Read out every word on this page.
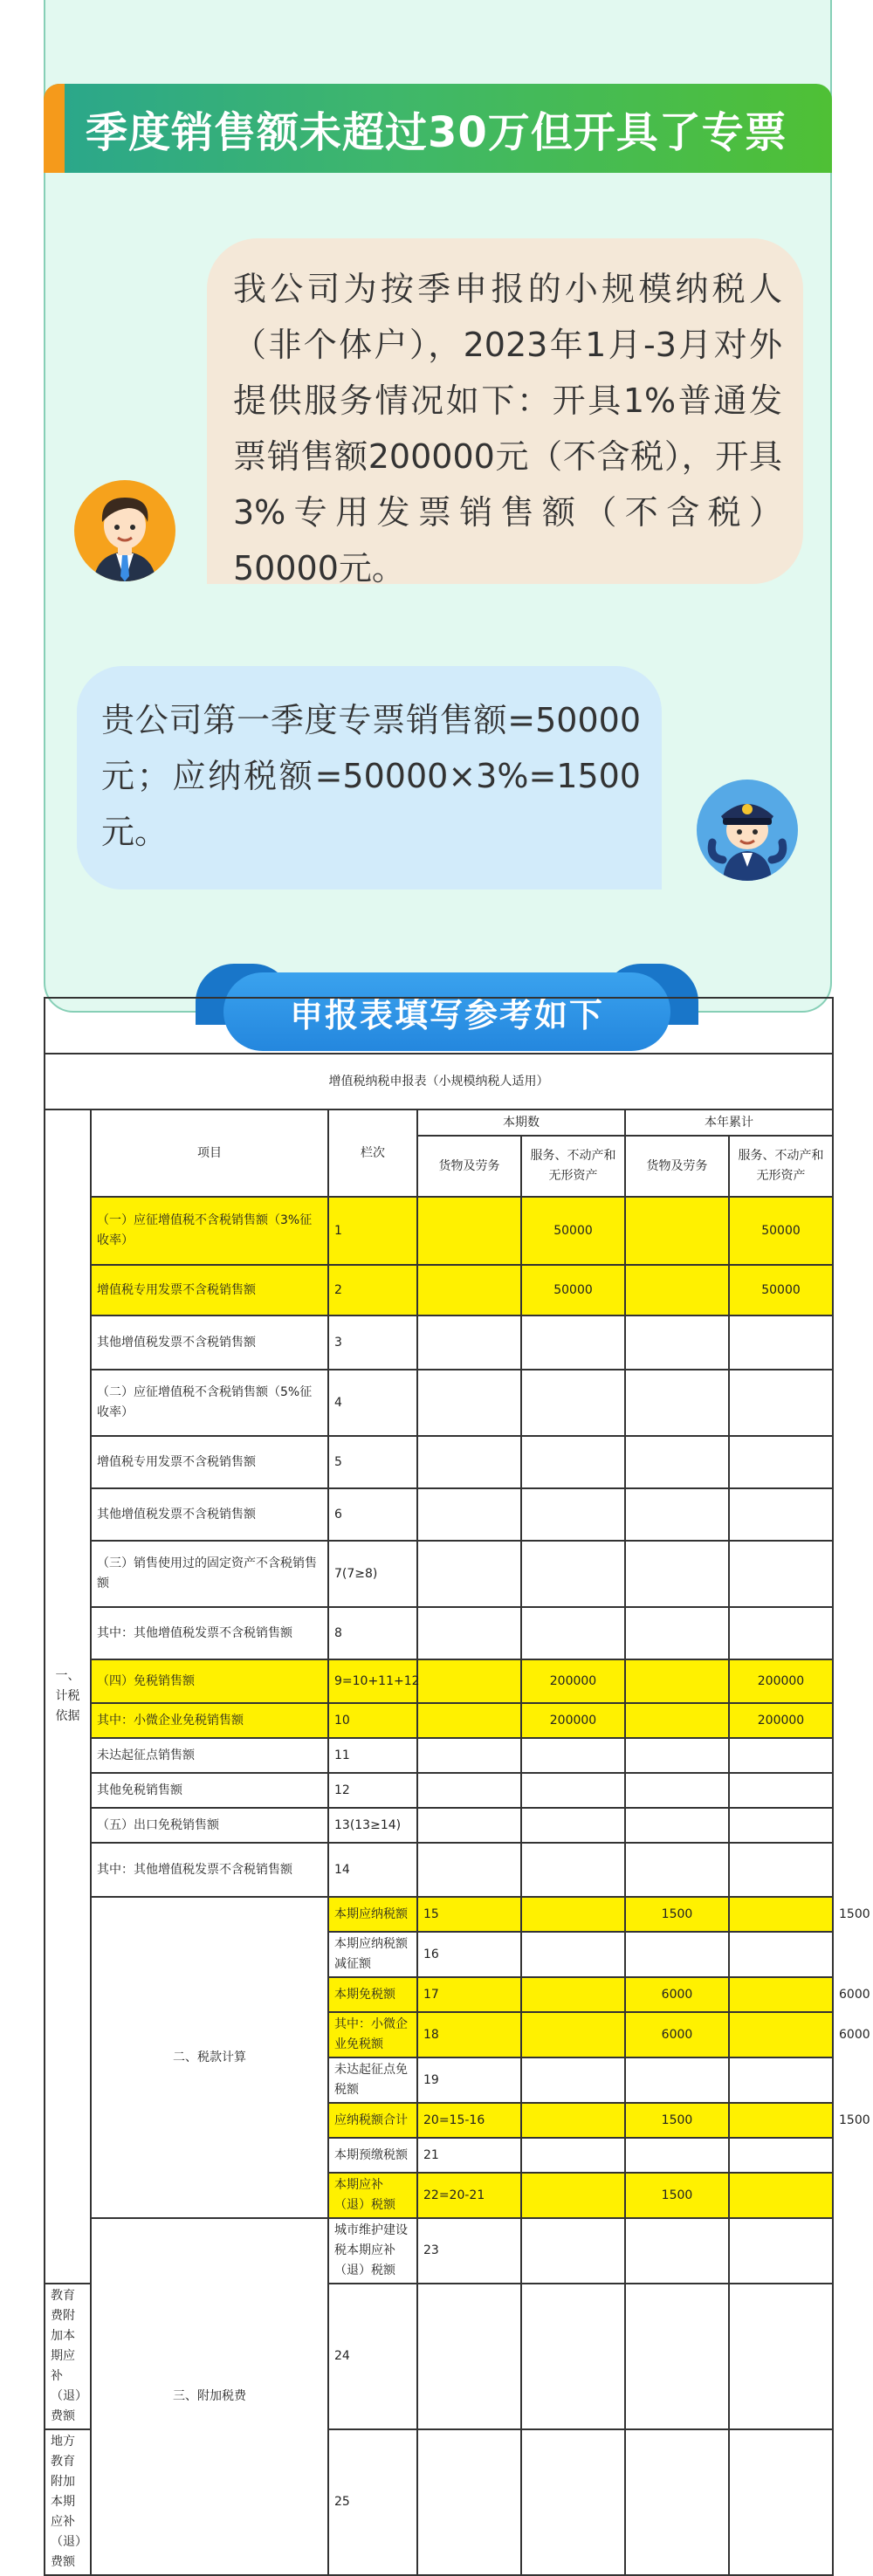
季度销售额未超过30万但开具了专票
我公司为按季申报的小规模纳税人（非个体户），2023年1月-3月对外提供服务情况如下：开具1%普通发票销售额200000元（不含税），开具3%专用发票销售额（不含税）50000元。
贵公司第一季度专票销售额=50000元；应纳税额=50000×3%=1500元。
申报表填写参考如下

增值税纳税申报表（小规模纳税人适用）							
一、计税依据	项目	栏次	本期数		本年累计		
			货物及劳务	服务、不动产和无形资产	货物及劳务	服务、不动产和无形资产	
	（一）应征增值税不含税销售额（3%征收率）	1		50000		50000	
	增值税专用发票不含税销售额	2		50000		50000	
	其他增值税发票不含税销售额	3					
	（二）应征增值税不含税销售额（5%征收率）	4					
	增值税专用发票不含税销售额	5					
	其他增值税发票不含税销售额	6					
	（三）销售使用过的固定资产不含税销售额	7(7≥8)					
	其中：其他增值税发票不含税销售额	8					
	（四）免税销售额	9=10+11+12		200000		200000	
	其中：小微企业免税销售额	10		200000		200000	
	未达起征点销售额	11					
	其他免税销售额	12					
	（五）出口免税销售额	13(13≥14)					
	其中：其他增值税发票不含税销售额	14					
	二、税款计算	本期应纳税额	15		1500		1500
		本期应纳税额减征额	16				
		本期免税额	17		6000		6000
		其中：小微企业免税额	18		6000		6000
		未达起征点免税额	19				
		应纳税额合计	20=15-16		1500		1500
		本期预缴税额	21				
		本期应补（退）税额	22=20-21		1500		
	三、附加税费	城市维护建设税本期应补（退）税额	23				
教育费附加本期应补（退）费额		24					
地方教育附加本期应补（退）费额		25					
